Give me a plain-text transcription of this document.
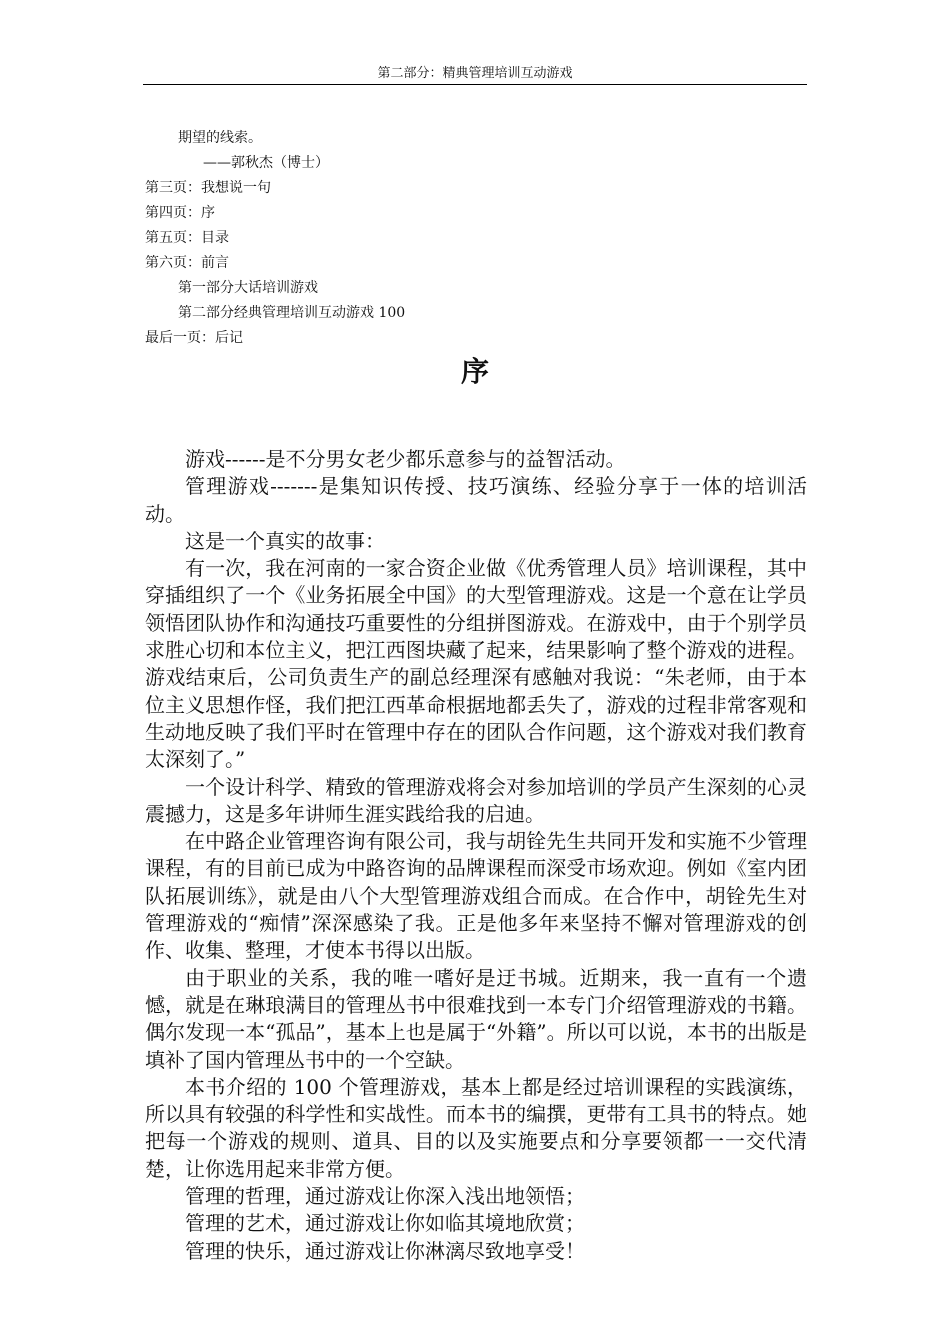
第二部分：精典管理培训互动游戏
期望的线索。
——郭秋杰（博士）
第三页：我想说一句
第四页：序
第五页：目录
第六页：前言
第一部分大话培训游戏
第二部分经典管理培训互动游戏 100
最后一页：后记
序

游戏------是不分男女老少都乐意参与的益智活动。

管理游戏-------是集知识传授、技巧演练、经验分享于一体的培训活动。

这是一个真实的故事：

有一次，我在河南的一家合资企业做《优秀管理人员》培训课程，其中穿插组织了一个《业务拓展全中国》的大型管理游戏。这是一个意在让学员领悟团队协作和沟通技巧重要性的分组拼图游戏。在游戏中，由于个别学员求胜心切和本位主义，把江西图块藏了起来，结果影响了整个游戏的进程。游戏结束后，公司负责生产的副总经理深有感触对我说：“朱老师，由于本位主义思想作怪，我们把江西革命根据地都丢失了，游戏的过程非常客观和生动地反映了我们平时在管理中存在的团队合作问题，这个游戏对我们教育太深刻了。”

一个设计科学、精致的管理游戏将会对参加培训的学员产生深刻的心灵震撼力，这是多年讲师生涯实践给我的启迪。

在中路企业管理咨询有限公司，我与胡铨先生共同开发和实施不少管理课程，有的目前已成为中路咨询的品牌课程而深受市场欢迎。例如《室内团队拓展训练》，就是由八个大型管理游戏组合而成。在合作中，胡铨先生对管理游戏的“痴情”深深感染了我。正是他多年来坚持不懈对管理游戏的创作、收集、整理，才使本书得以出版。

由于职业的关系，我的唯一嗜好是迂书城。近期来，我一直有一个遗憾，就是在琳琅满目的管理丛书中很难找到一本专门介绍管理游戏的书籍。偶尔发现一本“孤品”，基本上也是属于“外籍”。所以可以说，本书的出版是填补了国内管理丛书中的一个空缺。

本书介绍的 100 个管理游戏，基本上都是经过培训课程的实践演练，所以具有较强的科学性和实战性。而本书的编撰，更带有工具书的特点。她把每一个游戏的规则、道具、目的以及实施要点和分享要领都一一交代清楚，让你选用起来非常方便。

管理的哲理，通过游戏让你深入浅出地领悟；

管理的艺术，通过游戏让你如临其境地欣赏；

管理的快乐，通过游戏让你淋漓尽致地享受！
